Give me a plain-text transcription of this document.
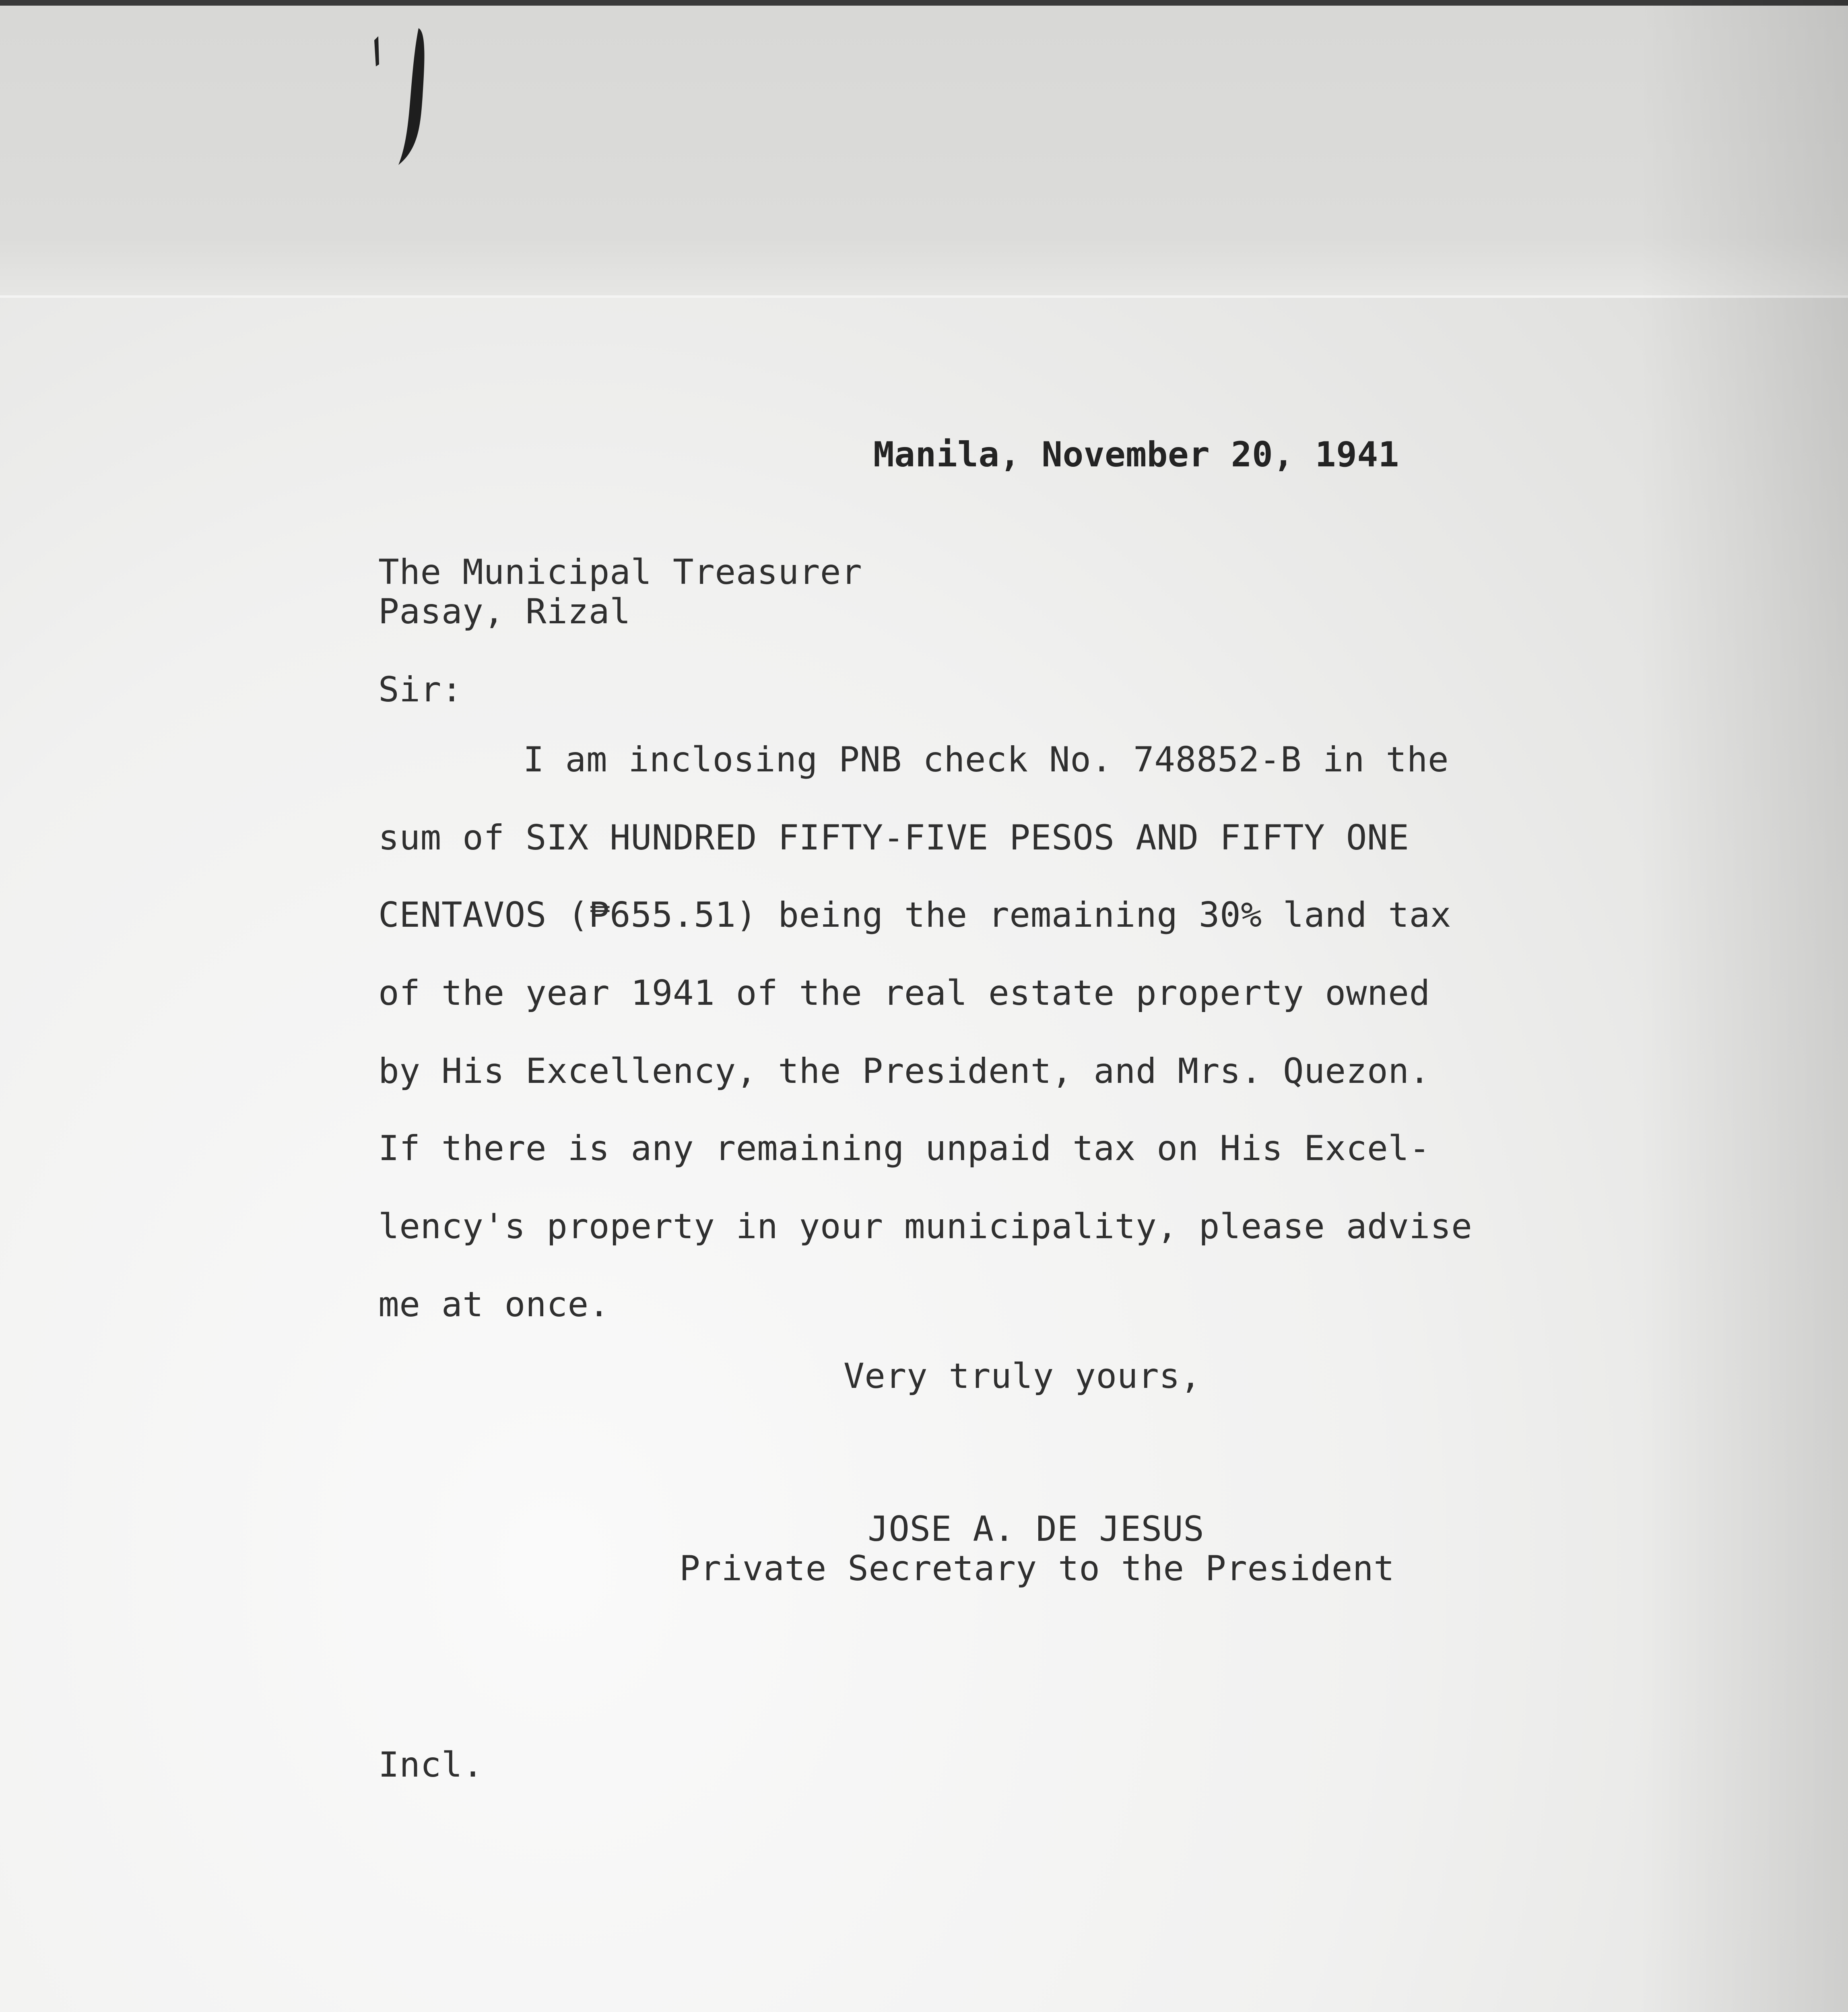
Manila, November 20, 1941
The Municipal Treasurer
Pasay, Rizal
Sir:
I am inclosing PNB check No. 748852-B in the
sum of SIX HUNDRED FIFTY-FIVE PESOS AND FIFTY ONE
CENTAVOS (₱655.51) being the remaining 30% land tax
of the year 1941 of the real estate property owned
by His Excellency, the President, and Mrs. Quezon.
If there is any remaining unpaid tax on His Excel-
lency's property in your municipality, please advise
me at once.
Very truly yours,
JOSE A. DE JESUS
Private Secretary to the President
Incl.
